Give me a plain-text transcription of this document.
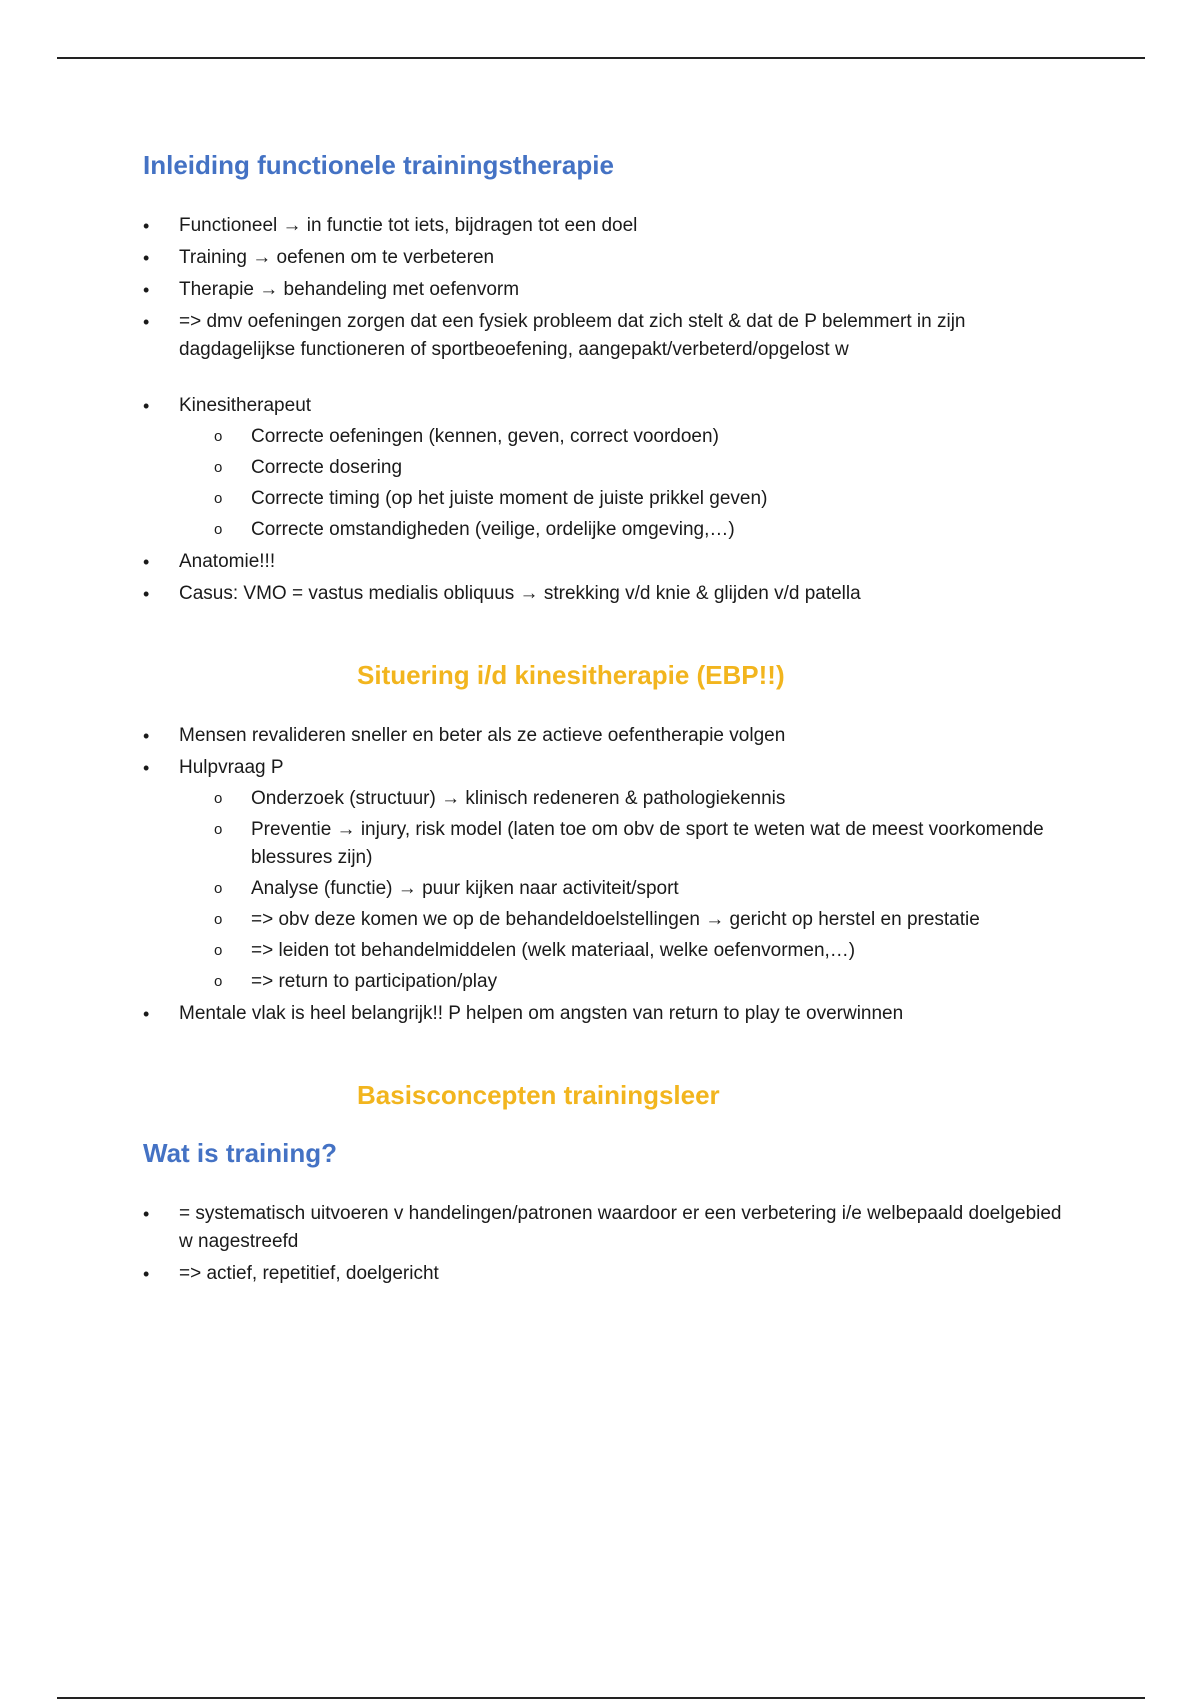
Inleiding functionele trainingstherapie
• Functioneel → in functie tot iets, bijdragen tot een doel
• Training → oefenen om te verbeteren
• Therapie → behandeling met oefenvorm
• => dmv oefeningen zorgen dat een fysiek probleem dat zich stelt & dat de P belemmert in zijn dagdagelijkse functioneren of sportbeoefening, aangepakt/verbeterd/opgelost w
• Kinesitherapeut
o Correcte oefeningen (kennen, geven, correct voordoen)
o Correcte dosering
o Correcte timing (op het juiste moment de juiste prikkel geven)
o Correcte omstandigheden (veilige, ordelijke omgeving,…)
• Anatomie!!!
• Casus: VMO = vastus medialis obliquus → strekking v/d knie & glijden v/d patella
Situering i/d kinesitherapie (EBP!!)
• Mensen revalideren sneller en beter als ze actieve oefentherapie volgen
• Hulpvraag P
o Onderzoek (structuur) → klinisch redeneren & pathologiekennis
o Preventie → injury, risk model (laten toe om obv de sport te weten wat de meest voorkomende blessures zijn)
o Analyse (functie) → puur kijken naar activiteit/sport
o => obv deze komen we op de behandeldoelstellingen → gericht op herstel en prestatie
o => leiden tot behandelmiddelen (welk materiaal, welke oefenvormen,…)
o => return to participation/play
• Mentale vlak is heel belangrijk!! P helpen om angsten van return to play te overwinnen
Basisconcepten trainingsleer
Wat is training?
• = systematisch uitvoeren v handelingen/patronen waardoor er een verbetering i/e welbepaald doelgebied w nagestreefd
• => actief, repetitief, doelgericht
